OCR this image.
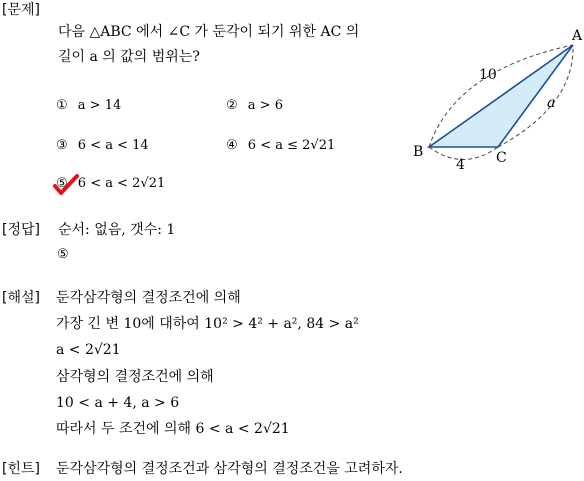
[문제]
다음 △ABC 에서 ∠C 가 둔각이 되기 위한 AC 의
길이 a 의 값의 범위는?
① a > 14	② a > 6
③ 6 < a < 14	④ 6 < a ≤ 2√21
⑤ 6 < a < 2√21
A
B	C
10
a
4
[정답] 순서: 없음, 갯수: 1
⑤
[해설] 둔각삼각형의 결정조건에 의해
가장 긴 변 10에 대하여 10² > 4² + a², 84 > a²
a < 2√21
삼각형의 결정조건에 의해
10 < a + 4, a > 6
따라서 두 조건에 의해 6 < a < 2√21
[힌트] 둔각삼각형의 결정조건과 삼각형의 결정조건을 고려하자.
